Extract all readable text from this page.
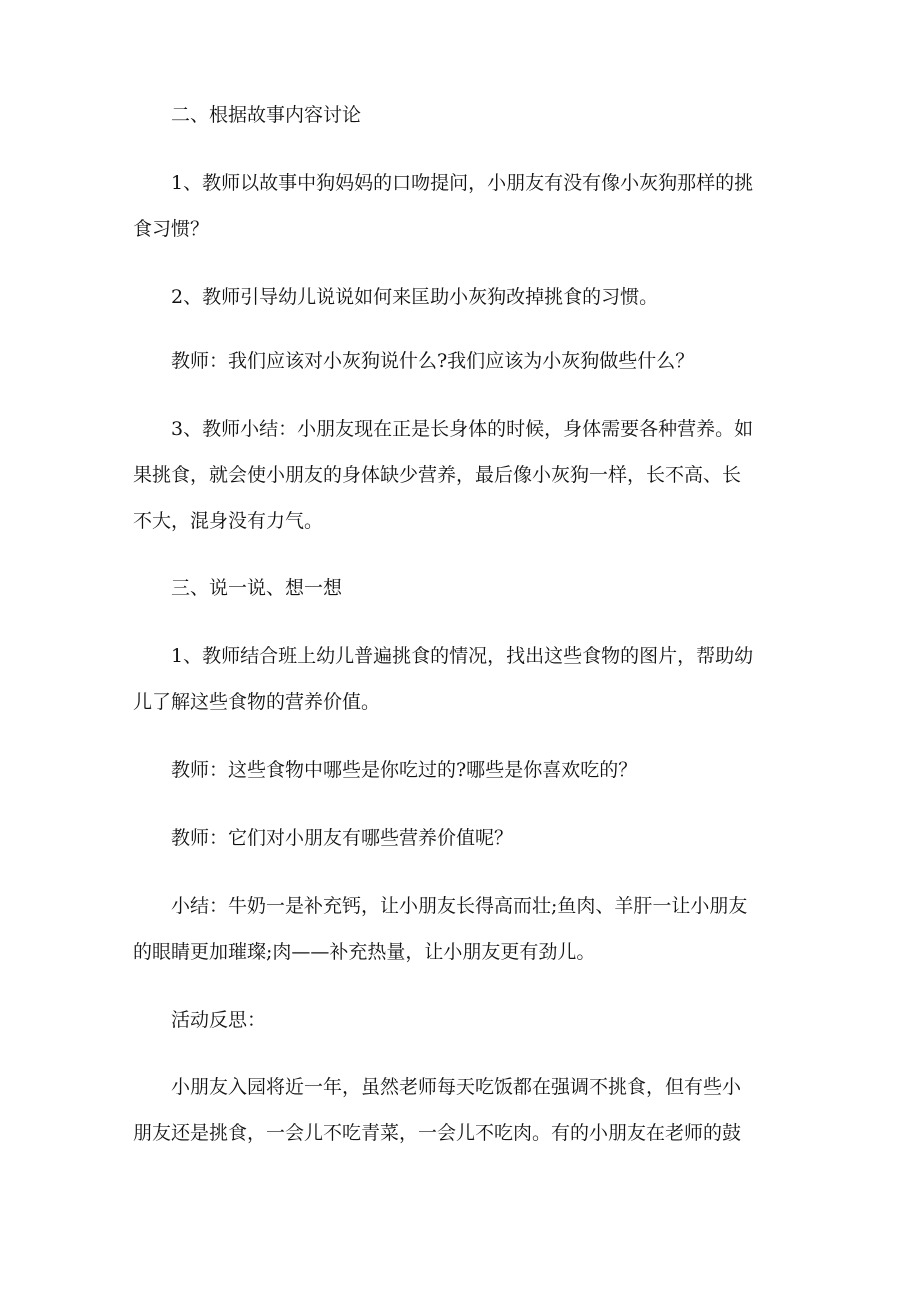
二、根据故事内容讨论

1、教师以故事中狗妈妈的口吻提问，小朋友有没有像小灰狗那样的挑
食习惯？

2、教师引导幼儿说说如何来匡助小灰狗改掉挑食的习惯。

教师：我们应该对小灰狗说什么?我们应该为小灰狗做些什么？

3、教师小结：小朋友现在正是长身体的时候，身体需要各种营养。如
果挑食，就会使小朋友的身体缺少营养，最后像小灰狗一样，长不高、长
不大，混身没有力气。

三、说一说、想一想

1、教师结合班上幼儿普遍挑食的情况，找出这些食物的图片，帮助幼
儿了解这些食物的营养价值。

教师：这些食物中哪些是你吃过的?哪些是你喜欢吃的？

教师：它们对小朋友有哪些营养价值呢？

小结：牛奶一是补充钙，让小朋友长得高而壮;鱼肉、羊肝一让小朋友
的眼睛更加璀璨;肉——补充热量，让小朋友更有劲儿。

活动反思：

小朋友入园将近一年，虽然老师每天吃饭都在强调不挑食，但有些小
朋友还是挑食，一会儿不吃青菜，一会儿不吃肉。有的小朋友在老师的鼓
